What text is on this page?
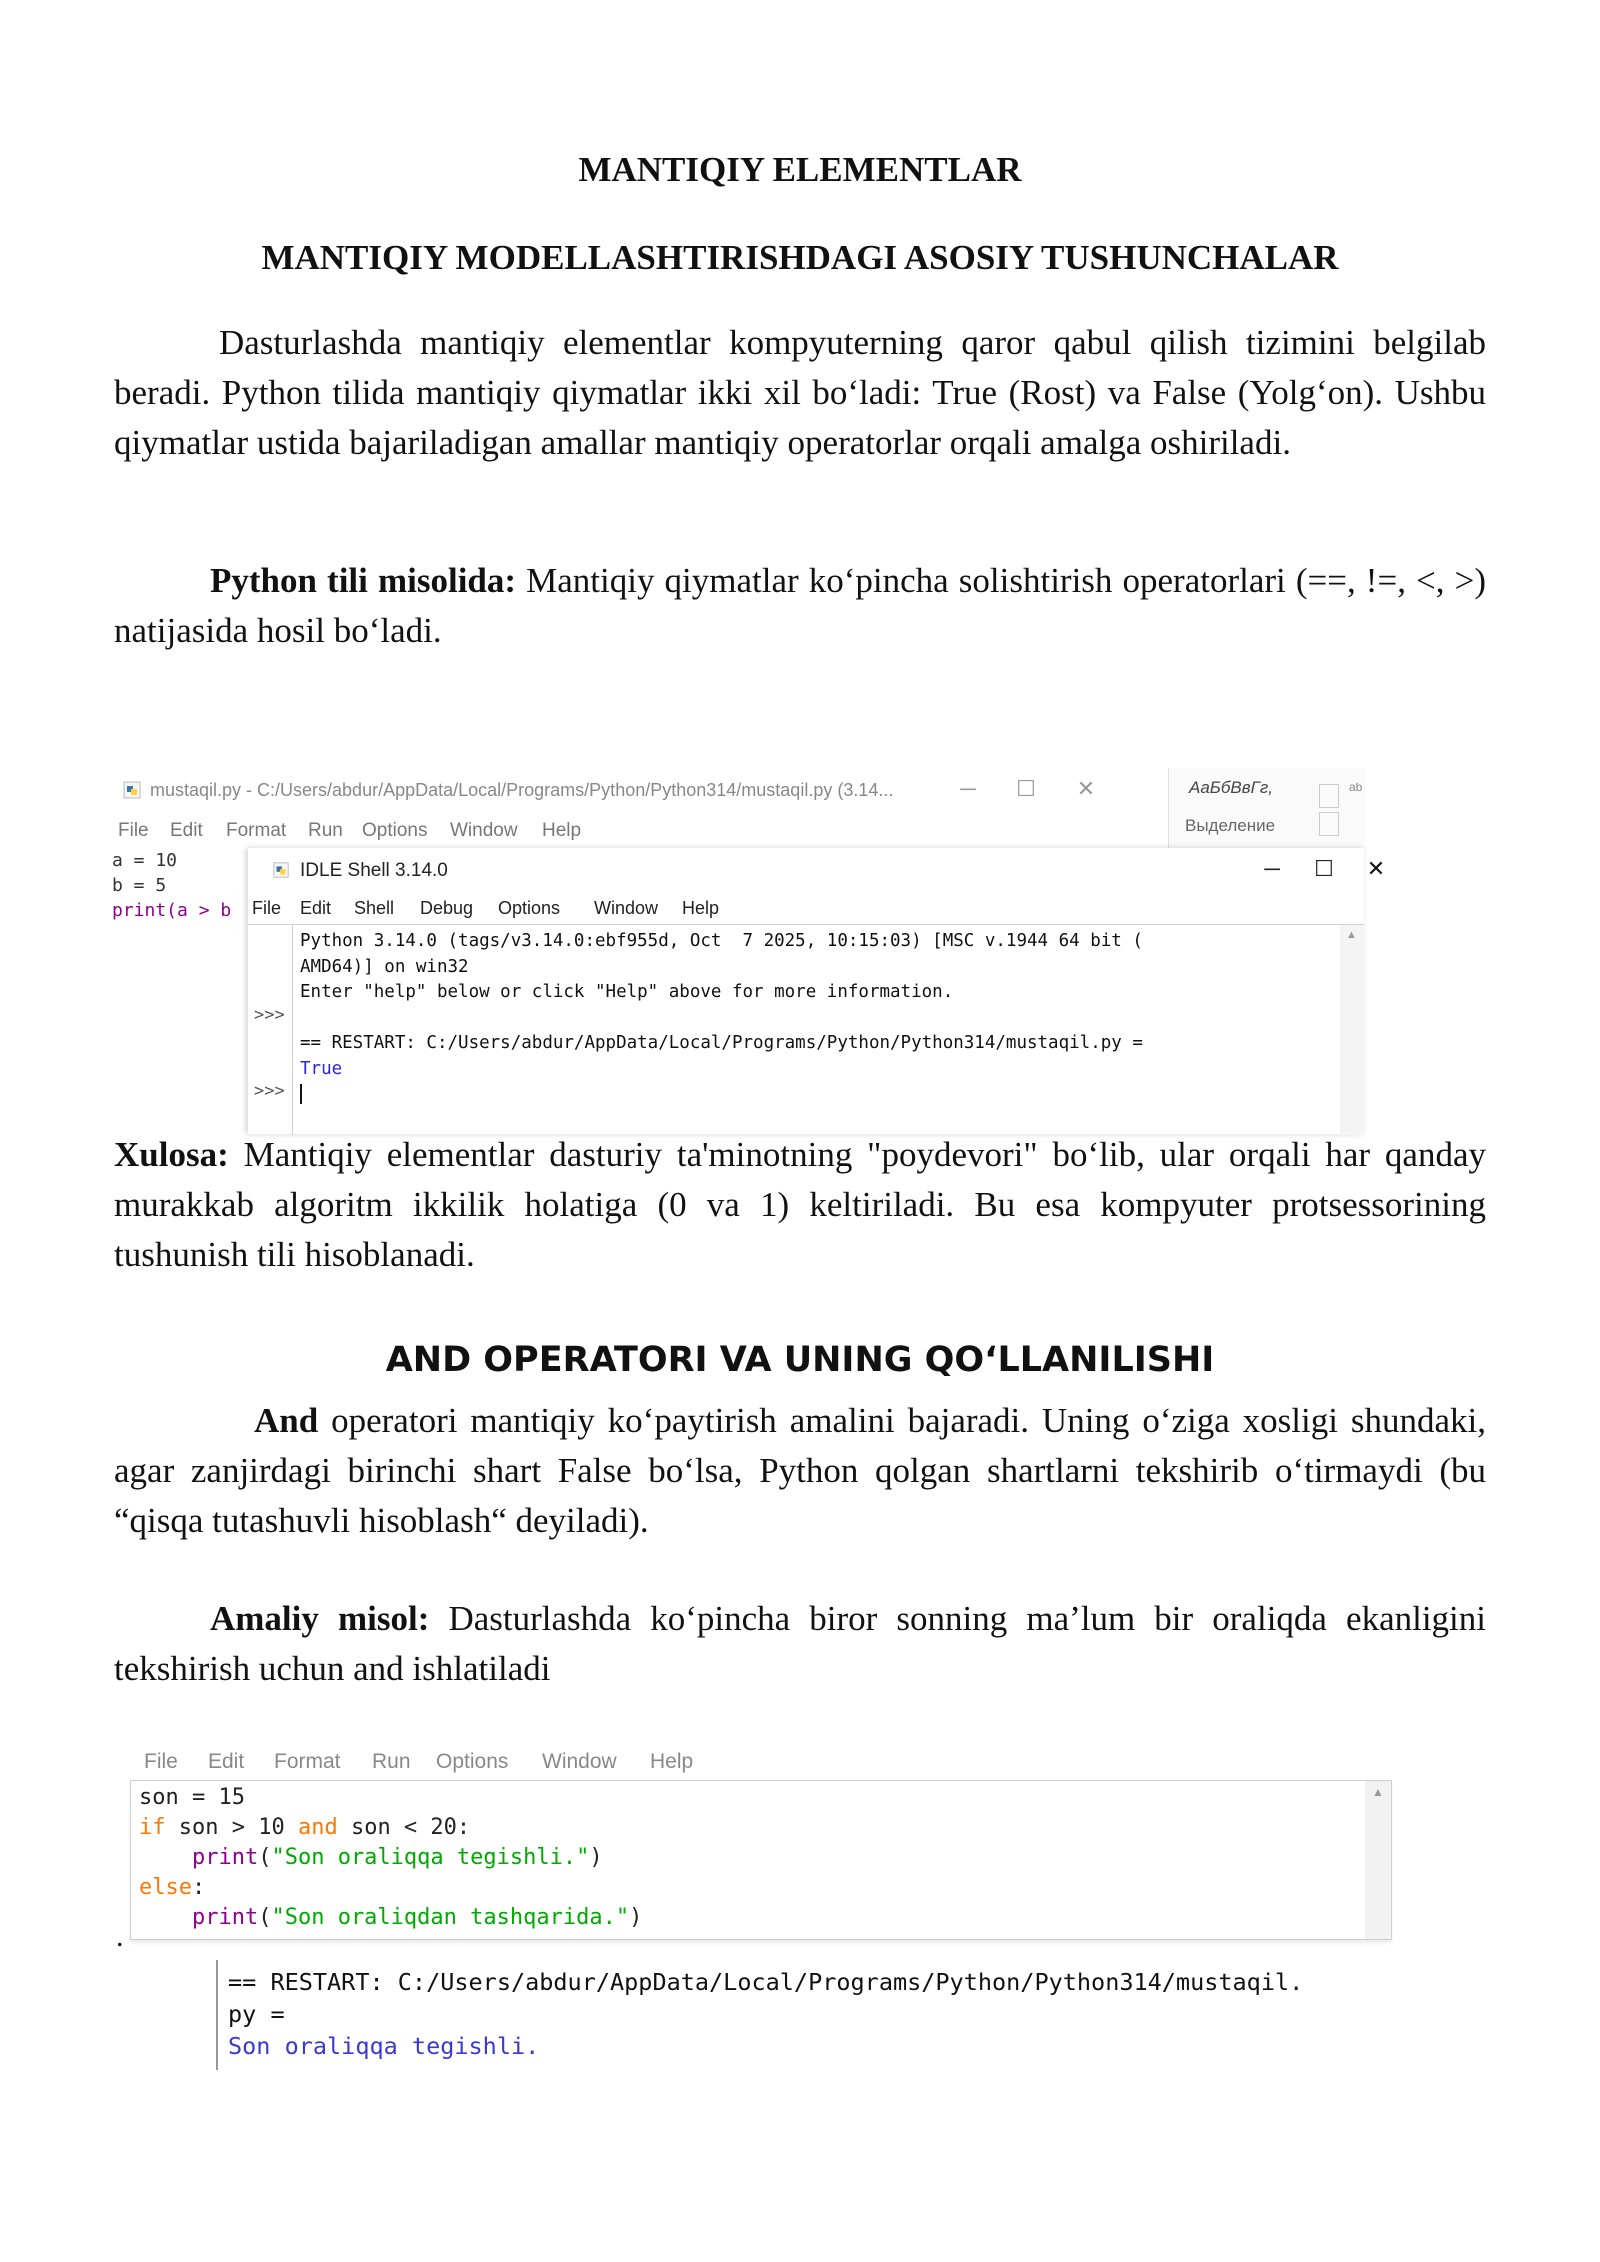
MANTIQIY ELEMENTLAR
MANTIQIY MODELLASHTIRISHDAGI ASOSIY TUSHUNCHALAR

Dasturlashda mantiqiy elementlar kompyuterning qaror qabul qilish tizimini belgilab beradi. Python tilida mantiqiy qiymatlar ikki xil bo‘ladi: True (Rost) va False (Yolg‘on). Ushbu qiymatlar ustida bajariladigan amallar mantiqiy operatorlar orqali amalga oshiriladi.

Python tili misolida: Mantiqiy qiymatlar ko‘pincha solishtirish operatorlari (==, !=, <, >) natijasida hosil bo‘ladi.

mustaqil.py - C:/Users/abdur/AppData/Local/Programs/Python/Python314/mustaqil.py (3.14...	─	☐	✕
File Edit Format Run Options Window Help
a = 10
b = 5
print(a > b
АаБбВвГг,
Выделение
ab
IDLE Shell 3.14.0	─	☐	✕
File Edit Shell Debug Options Window Help
>>>
>>>
Python 3.14.0 (tags/v3.14.0:ebf955d, Oct  7 2025, 10:15:03) [MSC v.1944 64 bit (
AMD64)] on win32
Enter "help" below or click "Help" above for more information.

== RESTART: C:/Users/abdur/AppData/Local/Programs/Python/Python314/mustaqil.py =
True
▲

Xulosa: Mantiqiy elementlar dasturiy ta'minotning "poydevori" bo‘lib, ular orqali har qanday murakkab algoritm ikkilik holatiga (0 va 1) keltiriladi. Bu esa kompyuter protsessorining tushunish tili hisoblanadi.

AND OPERATORI VA UNING QO‘LLANILISHI

And operatori mantiqiy ko‘paytirish amalini bajaradi. Uning o‘ziga xosligi shundaki, agar zanjirdagi birinchi shart False bo‘lsa, Python qolgan shartlarni tekshirib o‘tirmaydi (bu “qisqa tutashuvli hisoblash“ deyiladi).

Amaliy misol: Dasturlashda ko‘pincha biror sonning ma’lum bir oraliqda ekanligini tekshirish uchun and ishlatiladi

File Edit Format Run Options Window Help
son = 15
if son > 10 and son < 20:
print("Son oraliqqa tegishli.")
else:
print("Son oraliqdan tashqarida.")
▲
.
== RESTART: C:/Users/abdur/AppData/Local/Programs/Python/Python314/mustaqil.
py =
Son oraliqqa tegishli.
